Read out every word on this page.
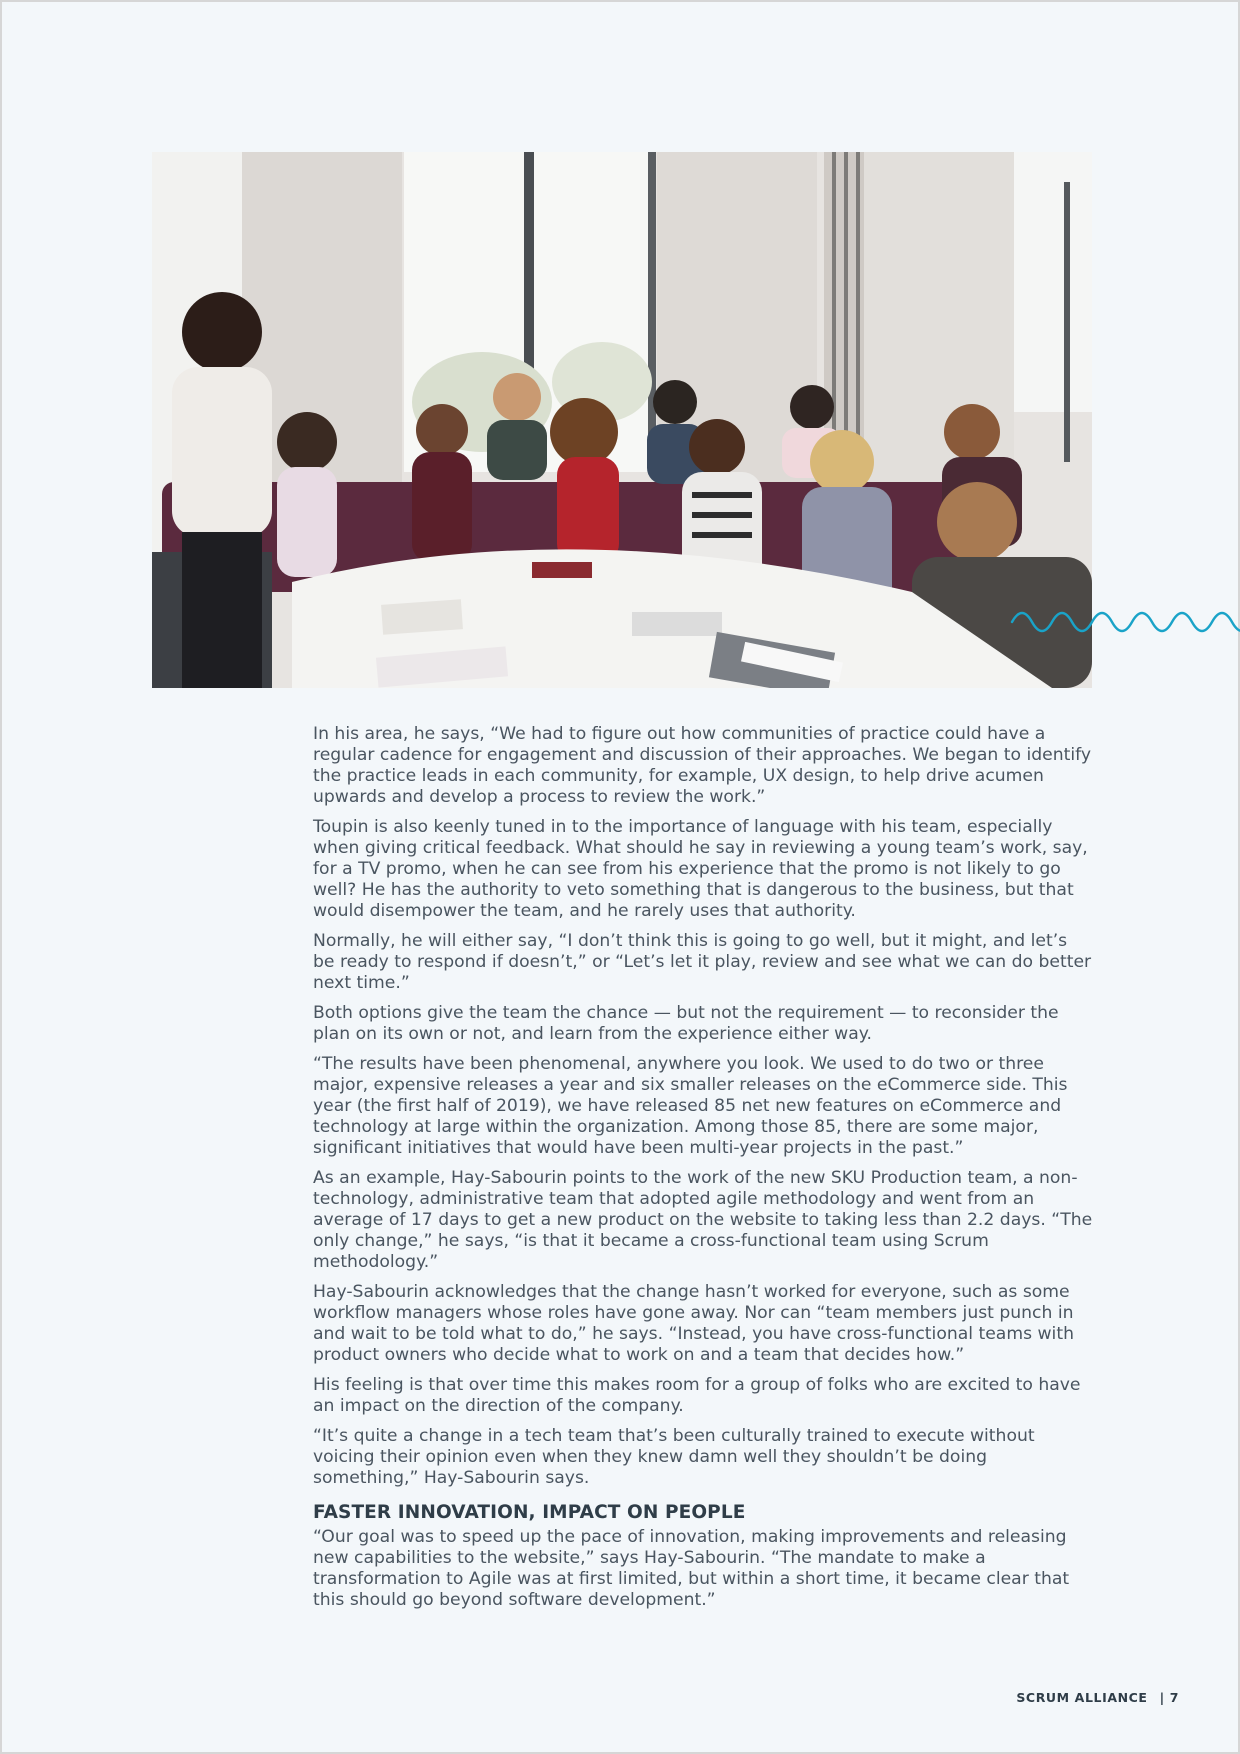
In his area, he says, “We had to figure out how communities of practice could have a regular cadence for engagement and discussion of their approaches. We began to identify the practice leads in each community, for example, UX design, to help drive acumen upwards and develop a process to review the work.”

Toupin is also keenly tuned in to the importance of language with his team, especially when giving critical feedback. What should he say in reviewing a young team’s work, say, for a TV promo, when he can see from his experience that the promo is not likely to go well? He has the authority to veto something that is dangerous to the business, but that would disempower the team, and he rarely uses that authority.

Normally, he will either say, “I don’t think this is going to go well, but it might, and let’s be ready to respond if doesn’t,” or “Let’s let it play, review and see what we can do better next time.”

Both options give the team the chance — but not the requirement — to reconsider the plan on its own or not, and learn from the experience either way.

“The results have been phenomenal, anywhere you look. We used to do two or three major, expensive releases a year and six smaller releases on the eCommerce side. This year (the first half of 2019), we have released 85 net new features on eCommerce and technology at large within the organization. Among those 85, there are some major, significant initiatives that would have been multi-year projects in the past.”

As an example, Hay-Sabourin points to the work of the new SKU Production team, a non-technology, administrative team that adopted agile methodology and went from an average of 17 days to get a new product on the website to taking less than 2.2 days. “The only change,” he says, “is that it became a cross-functional team using Scrum methodology.”

Hay-Sabourin acknowledges that the change hasn’t worked for everyone, such as some workflow managers whose roles have gone away. Nor can “team members just punch in and wait to be told what to do,” he says. “Instead, you have cross-functional teams with product owners who decide what to work on and a team that decides how.”

His feeling is that over time this makes room for a group of folks who are excited to have an impact on the direction of the company.

“It’s quite a change in a tech team that’s been culturally trained to execute without voicing their opinion even when they knew damn well they shouldn’t be doing something,” Hay-Sabourin says.

FASTER INNOVATION, IMPACT ON PEOPLE

“Our goal was to speed up the pace of innovation, making improvements and releasing new capabilities to the website,” says Hay-Sabourin. “The mandate to make a transformation to Agile was at first limited, but within a short time, it became clear that this should go beyond software development.”

SCRUM ALLIANCE | 7
